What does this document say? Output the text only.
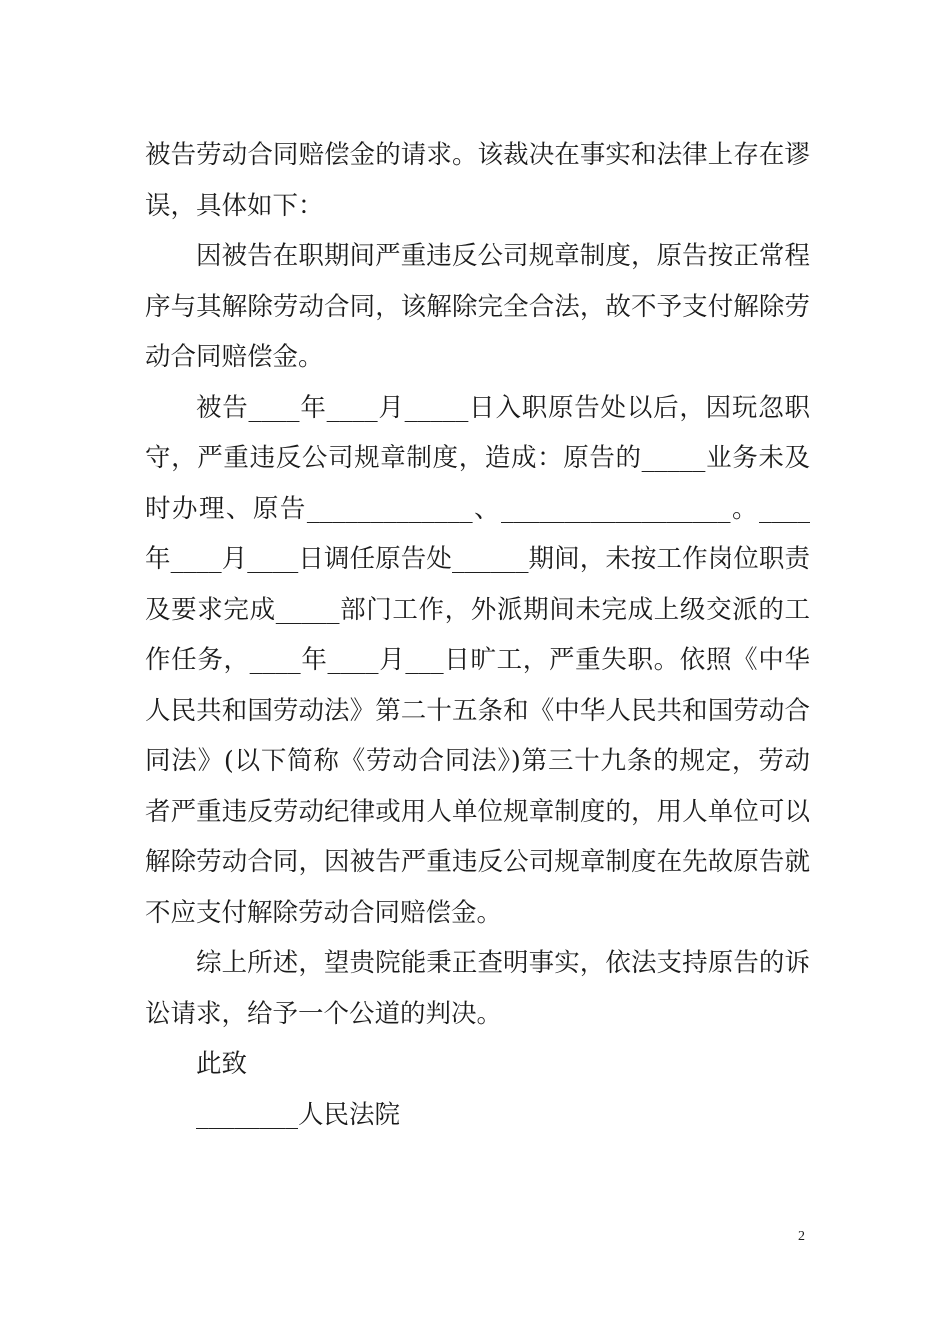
被告劳动合同赔偿金的请求。该裁决在事实和法律上存在谬误，具体如下：

因被告在职期间严重违反公司规章制度，原告按正常程序与其解除劳动合同，该解除完全合法，故不予支付解除劳动合同赔偿金。

被告____年____月_____日入职原告处以后，因玩忽职守，严重违反公司规章制度，造成：原告的_____业务未及时办理、原告_____________、__________________。____年____月____日调任原告处______期间，未按工作岗位职责及要求完成_____部门工作，外派期间未完成上级交派的工作任务，____年____月___日旷工，严重失职。依照《中华人民共和国劳动法》第二十五条和《中华人民共和国劳动合同法》(以下简称《劳动合同法》)第三十九条的规定，劳动者严重违反劳动纪律或用人单位规章制度的，用人单位可以解除劳动合同，因被告严重违反公司规章制度在先故原告就不应支付解除劳动合同赔偿金。

综上所述，望贵院能秉正查明事实，依法支持原告的诉讼请求，给予一个公道的判决。

此致

________人民法院

2
